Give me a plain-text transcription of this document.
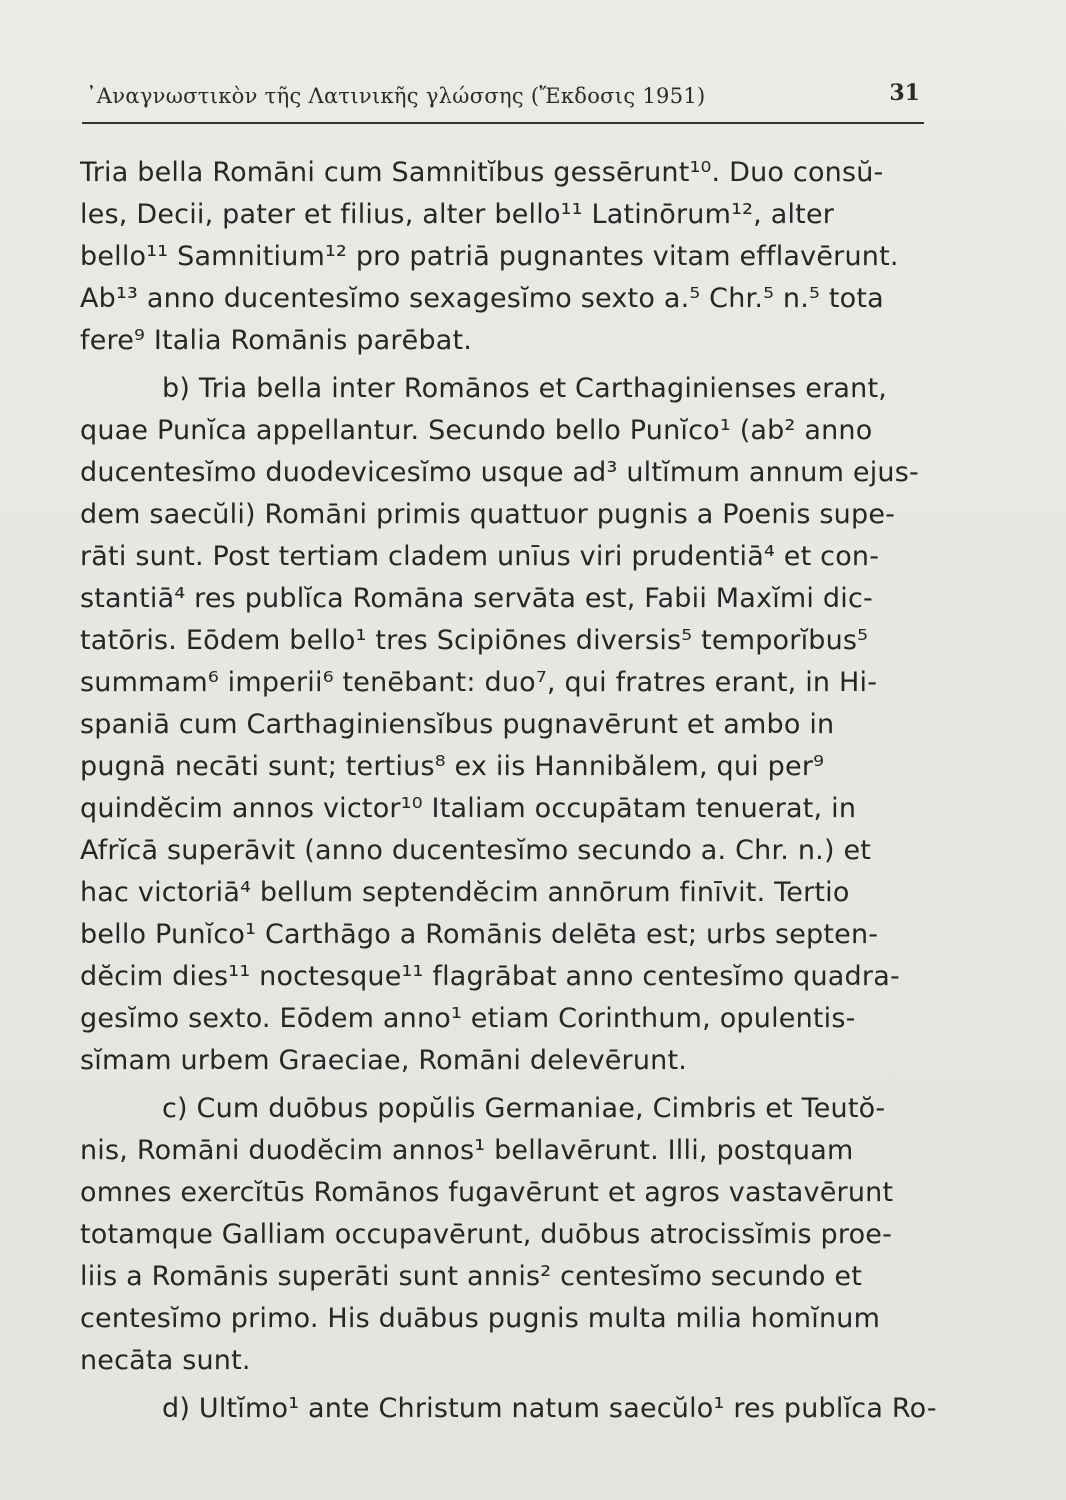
᾿Αναγνωστικὸν τῆς Λατινικῆς γλώσσης (Ἔκδοσις 1951)	31
Tria bella Romāni cum Samnitĭbus gessērunt¹⁰. Duo consŭ-
les, Decii, pater et filius, alter bello¹¹ Latinōrum¹², alter
bello¹¹ Samnitium¹² pro patriā pugnantes vitam efflavērunt.
Ab¹³ anno ducentesĭmo sexagesĭmo sexto a.⁵ Chr.⁵ n.⁵ tota
fere⁹ Italia Romānis parēbat.
b) Tria bella inter Romānos et Carthaginienses erant,
quae Punĭca appellantur. Secundo bello Punĭco¹ (ab² anno
ducentesĭmo duodevicesĭmo usque ad³ ultĭmum annum ejus-
dem saecŭli) Romāni primis quattuor pugnis a Poenis supe-
rāti sunt. Post tertiam cladem unīus viri prudentiā⁴ et con-
stantiā⁴ res publĭca Romāna servāta est, Fabii Maxĭmi dic-
tatōris. Eōdem bello¹ tres Scipiōnes diversis⁵ temporĭbus⁵
summam⁶ imperii⁶ tenēbant: duo⁷, qui fratres erant, in Hi-
spaniā cum Carthaginiensĭbus pugnavērunt et ambo in
pugnā necāti sunt; tertius⁸ ex iis Hannibălem, qui per⁹
quindĕcim annos victor¹⁰ Italiam occupātam tenuerat, in
Afrĭcā superāvit (anno ducentesĭmo secundo a. Chr. n.) et
hac victoriā⁴ bellum septendĕcim annōrum finīvit. Tertio
bello Punĭco¹ Carthāgo a Romānis delēta est; urbs septen-
dĕcim dies¹¹ noctesque¹¹ flagrābat anno centesĭmo quadra-
gesĭmo sexto. Eōdem anno¹ etiam Corinthum, opulentis-
sĭmam urbem Graeciae, Romāni delevērunt.
c) Cum duōbus popŭlis Germaniae, Cimbris et Teutŏ-
nis, Romāni duodĕcim annos¹ bellavērunt. Illi, postquam
omnes exercĭtūs Romānos fugavērunt et agros vastavērunt
totamque Galliam occupavērunt, duōbus atrocissĭmis proe-
liis a Romānis superāti sunt annis² centesĭmo secundo et
centesĭmo primo. His duābus pugnis multa milia homĭnum
necāta sunt.
d) Ultĭmo¹ ante Christum natum saecŭlo¹ res publĭca Ro-
